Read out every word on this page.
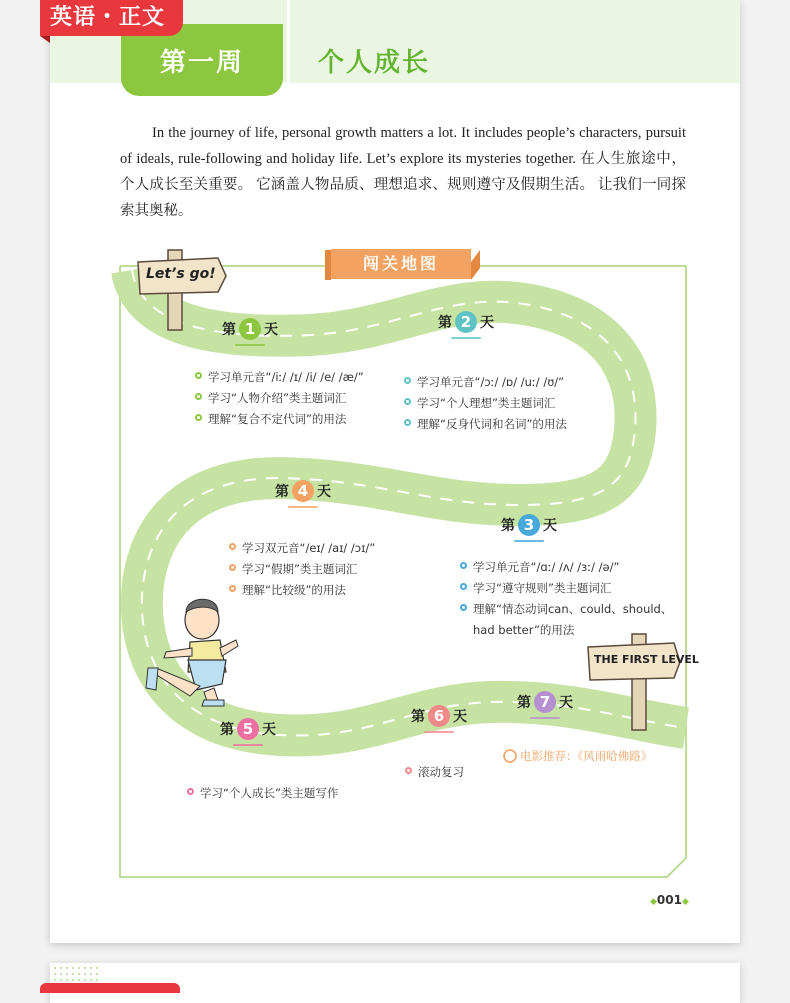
第一周	个人成长
In the journey of life, personal growth matters a lot. It includes people’s characters, pursuit of ideals, rule-following and holiday life. Let’s explore its mysteries together. 在人生旅途中，个人成长至关重要。 它涵盖人物品质、理想追求、规则遵守及假期生活。 让我们一同探索其奥秘。
闯关地图
Let’s go!
THE FIRST LEVEL
第 1 天	第 2 天
第 3 天
第 4 天
第 5 天
第 6 天
第 7 天
学习单元音“/iː/ /ɪ/ /i/ /e/ /æ/”
学习“人物介绍”类主题词汇
理解“复合不定代词”的用法
学习单元音“/ɔː/ /ɒ/ /uː/ /ʊ/”
学习“个人理想”类主题词汇
理解“反身代词和名词”的用法
学习单元音“/ɑː/ /ʌ/ /ɜː/ /ə/”
学习“遵守规则”类主题词汇
理解“情态动词can、could、should、
had better”的用法
学习双元音“/eɪ/ /aɪ/ /ɔɪ/”
学习“假期”类主题词汇
理解“比较级”的用法
学习“个人成长”类主题写作
滚动复习
电影推荐：《风雨哈佛路》
◆001◆
英语・正文
